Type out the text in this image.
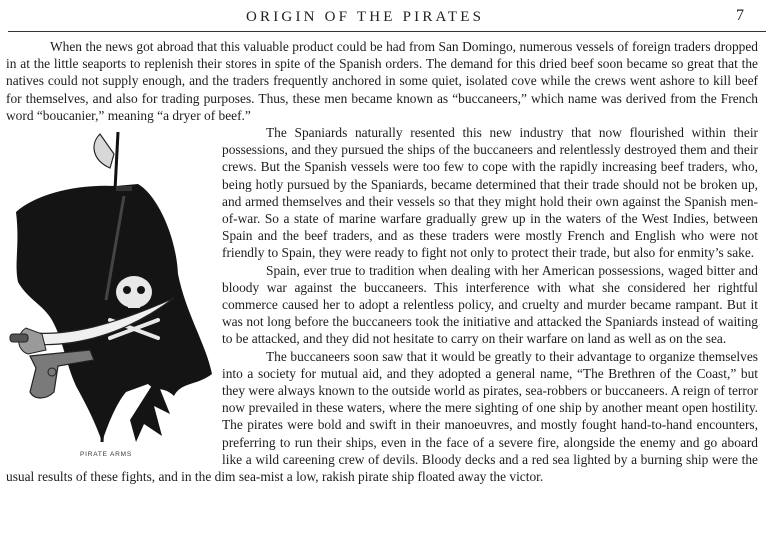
ORIGIN OF THE PIRATES	7

When the news got abroad that this valuable product could be had from San Domingo, numerous vessels of foreign traders dropped in at the little seaports to replenish their stores in spite of the Spanish orders. The demand for this dried beef soon became so great that the natives could not supply enough, and the traders frequently anchored in some quiet, isolated cove while the crews went ashore to kill beef for themselves, and also for trading purposes. Thus, these men became known as “buccaneers,” which name was derived from the French word “boucanier,” meaning “a dryer of beef.”

PIRATE ARMS

The Spaniards naturally resented this new industry that now flourished within their possessions, and they pursued the ships of the buccaneers and relentlessly destroyed them and their crews. But the Spanish vessels were too few to cope with the rapidly increasing beef traders, who, being hotly pursued by the Spaniards, became determined that their trade should not be broken up, and armed themselves and their vessels so that they might hold their own against the Spanish men-of-war. So a state of marine warfare gradually grew up in the waters of the West Indies, between Spain and the beef traders, and as these traders were mostly French and English who were not friendly to Spain, they were ready to fight not only to protect their trade, but also for enmity’s sake.

Spain, ever true to tradition when dealing with her American possessions, waged bitter and bloody war against the buccaneers. This interference with what she considered her rightful commerce caused her to adopt a relentless policy, and cruelty and murder became rampant. But it was not long before the buccaneers took the initiative and attacked the Spaniards instead of waiting to be attacked, and they did not hesitate to carry on their warfare on land as well as on the sea.

The buccaneers soon saw that it would be greatly to their advantage to organize themselves into a society for mutual aid, and they adopted a general name, “The Brethren of the Coast,” but they were always known to the outside world as pirates, sea-robbers or buccaneers. A reign of terror now prevailed in these waters, where the mere sighting of one ship by another meant open hostility. The pirates were bold and swift in their manoeuvres, and mostly fought hand-to-hand encounters, preferring to run their ships, even in the face of a severe fire, alongside the enemy and go aboard like a wild careening crew of devils. Bloody decks and a red sea lighted by a burning ship were the usual results of these fights, and in the dim sea-mist a low, rakish pirate ship floated away the victor.
